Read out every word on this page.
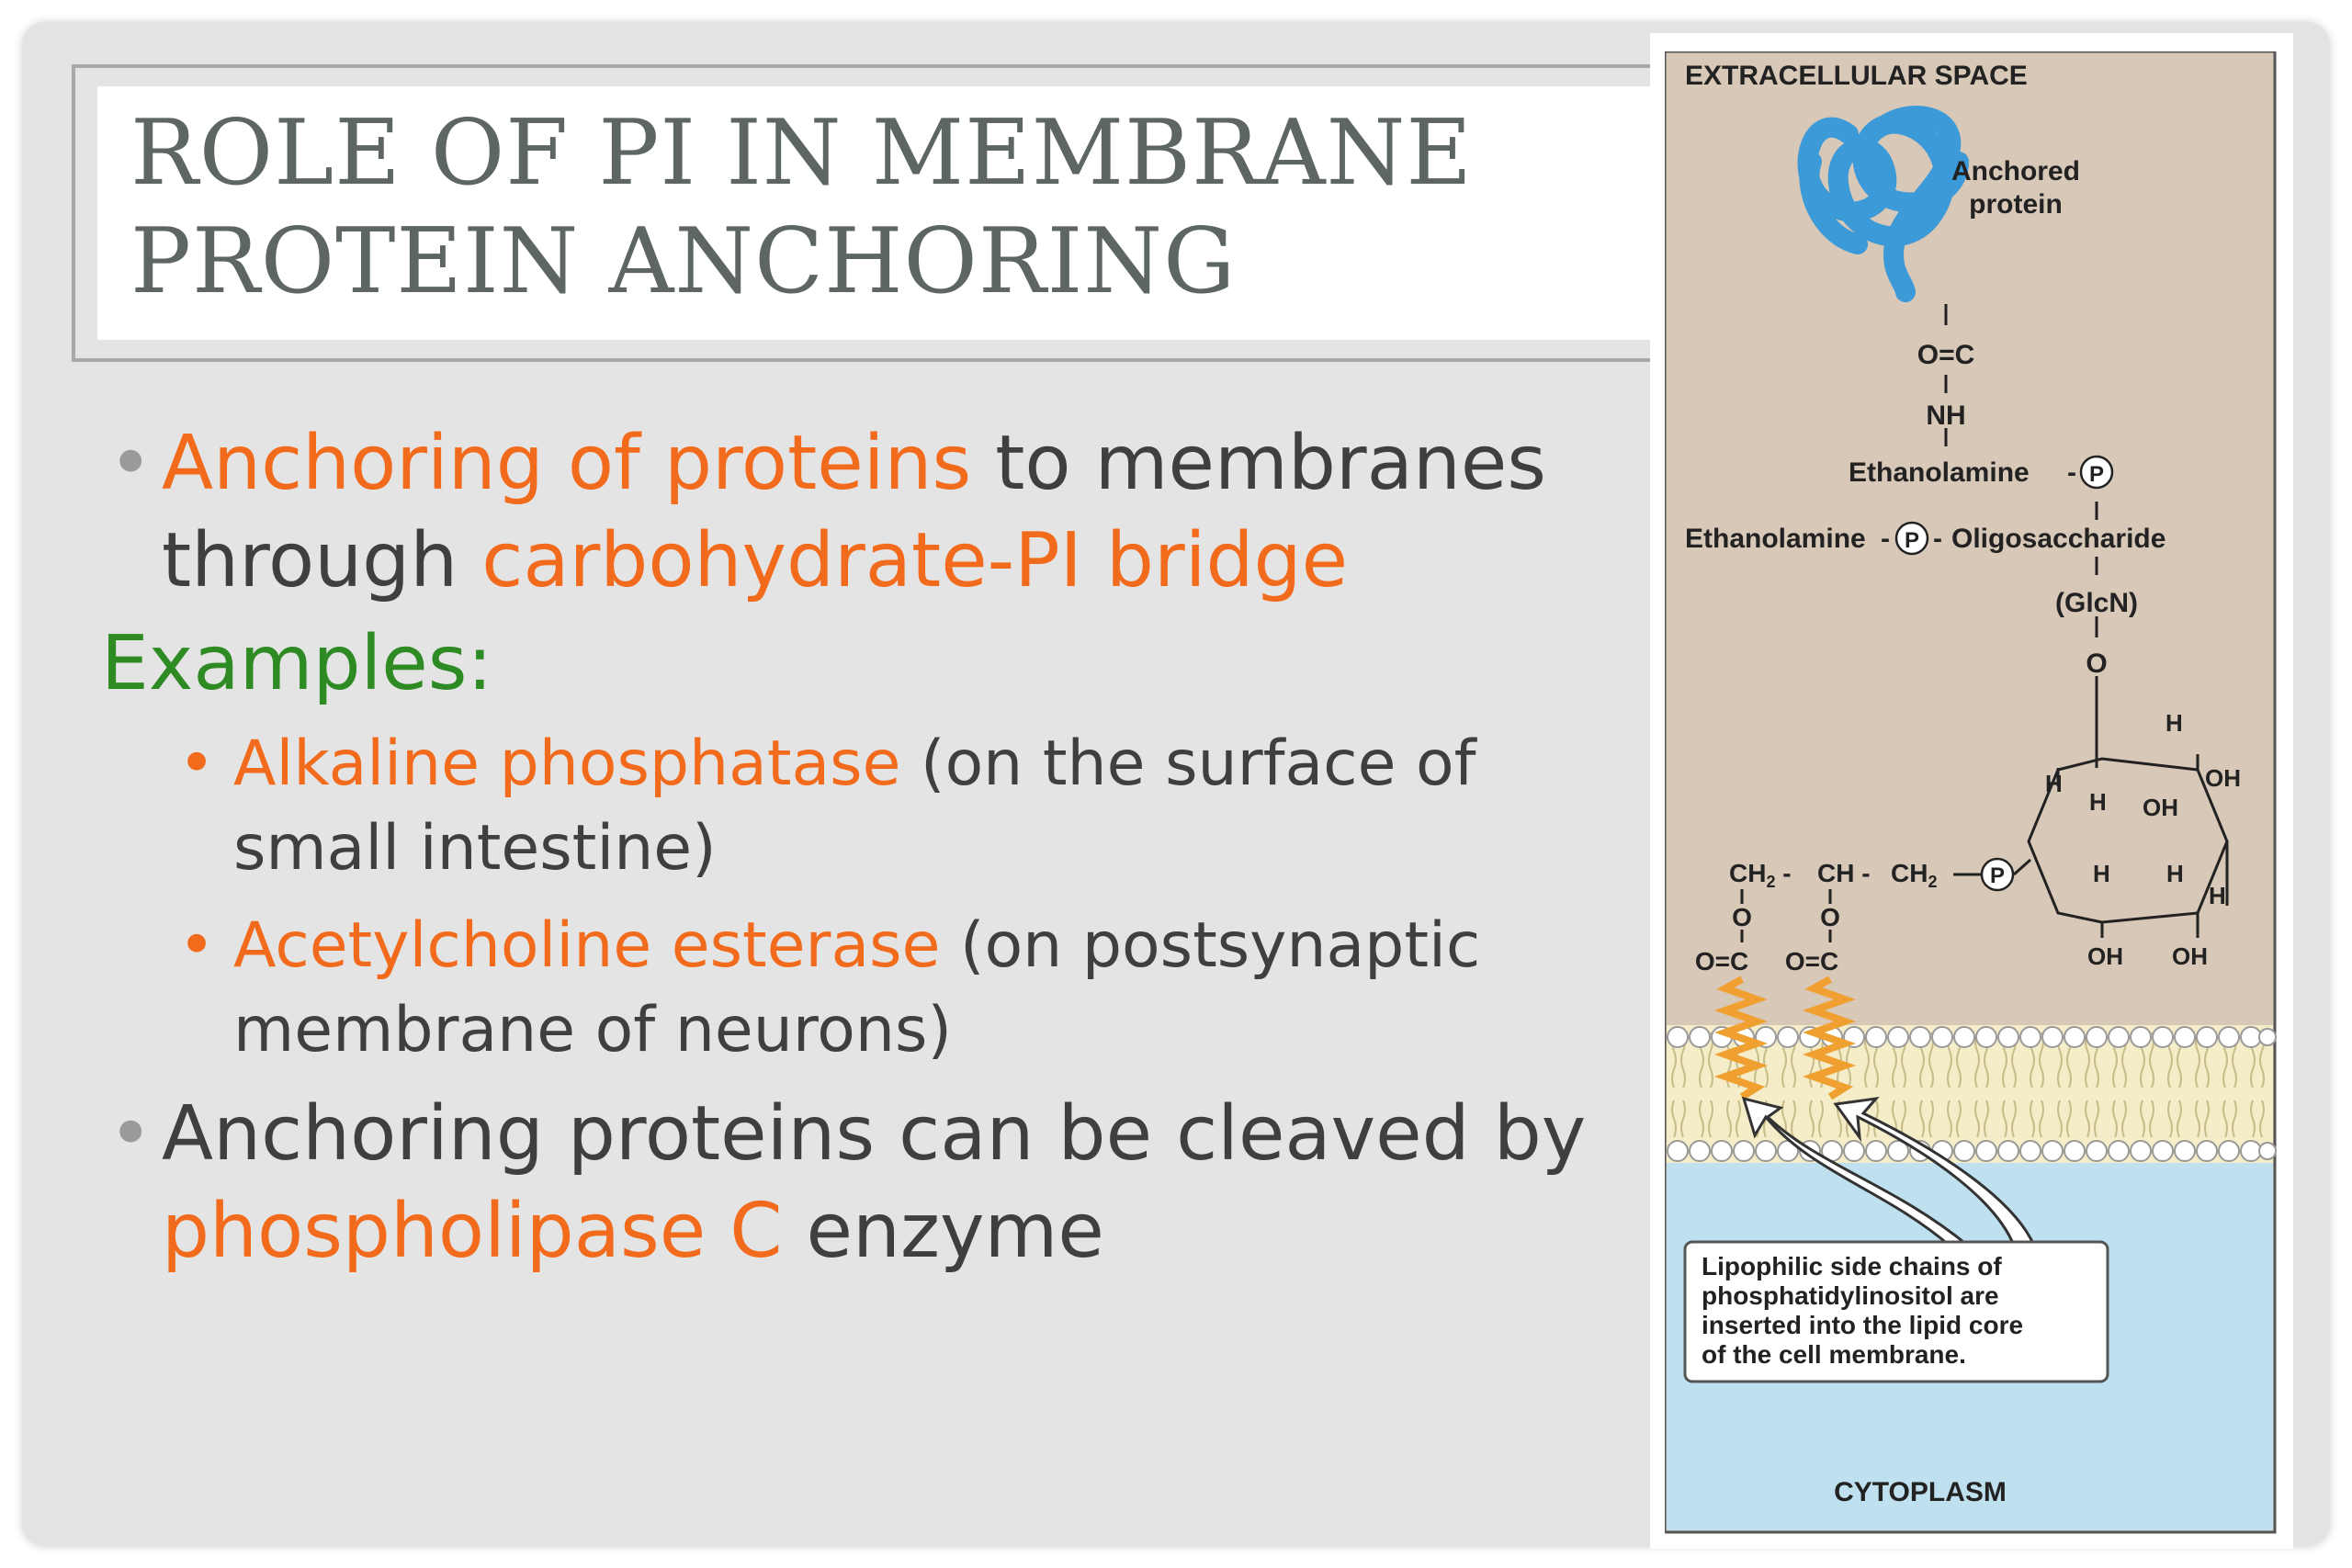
ROLE OF PI IN MEMBRANE
PROTEIN ANCHORING
• Anchoring of proteins to membranes
through carbohydrate-PI bridge
Examples:
• Alkaline phosphatase (on the surface of small intestine)
• Acetylcholine esterase (on postsynaptic membrane of neurons)
• Anchoring proteins can be cleaved by phospholipase C enzyme
EXTRACELLULAR SPACE
Anchored
protein
O=C
NH
Ethanolamine - P
Ethanolamine - P - Oligosaccharide
(GlcN)
O
H
H
H OH
OH
H H
H
OH OH
$CH_2$ - CH - $CH_2$ P
O	O
O=C O=C
Lipophilic side chains of
phosphatidylinositol are
inserted into the lipid core
of the cell membrane.
CYTOPLASM
